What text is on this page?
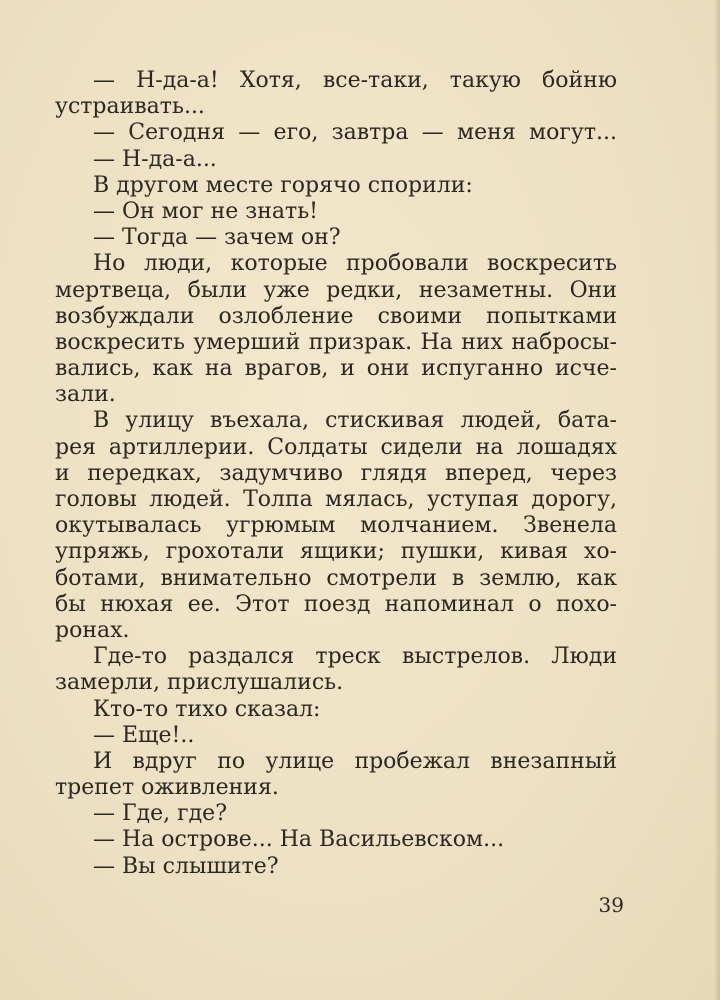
— Н-да-а! Хотя, все-таки, такую бойню
устраивать...
— Сегодня — его, завтра — меня могут...
— Н-да-а...
В другом месте горячо спорили:
— Он мог не знать!
— Тогда — зачем он?
Но люди, которые пробовали воскресить
мертвеца, были уже редки, незаметны. Они
возбуждали озлобление своими попытками
воскресить умерший призрак. На них набросы-
вались, как на врагов, и они испуганно исче-
зали.
В улицу въехала, стискивая людей, бата-
рея артиллерии. Солдаты сидели на лошадях
и передках, задумчиво глядя вперед, через
головы людей. Толпа мялась, уступая дорогу,
окутывалась угрюмым молчанием. Звенела
упряжь, грохотали ящики; пушки, кивая хо-
ботами, внимательно смотрели в землю, как
бы нюхая ее. Этот поезд напоминал о похо-
ронах.
Где-то раздался треск выстрелов. Люди
замерли, прислушались.
Кто-то тихо сказал:
— Еще!..
И вдруг по улице пробежал внезапный
трепет оживления.
— Где, где?
— На острове... На Васильевском...
— Вы слышите?
39
